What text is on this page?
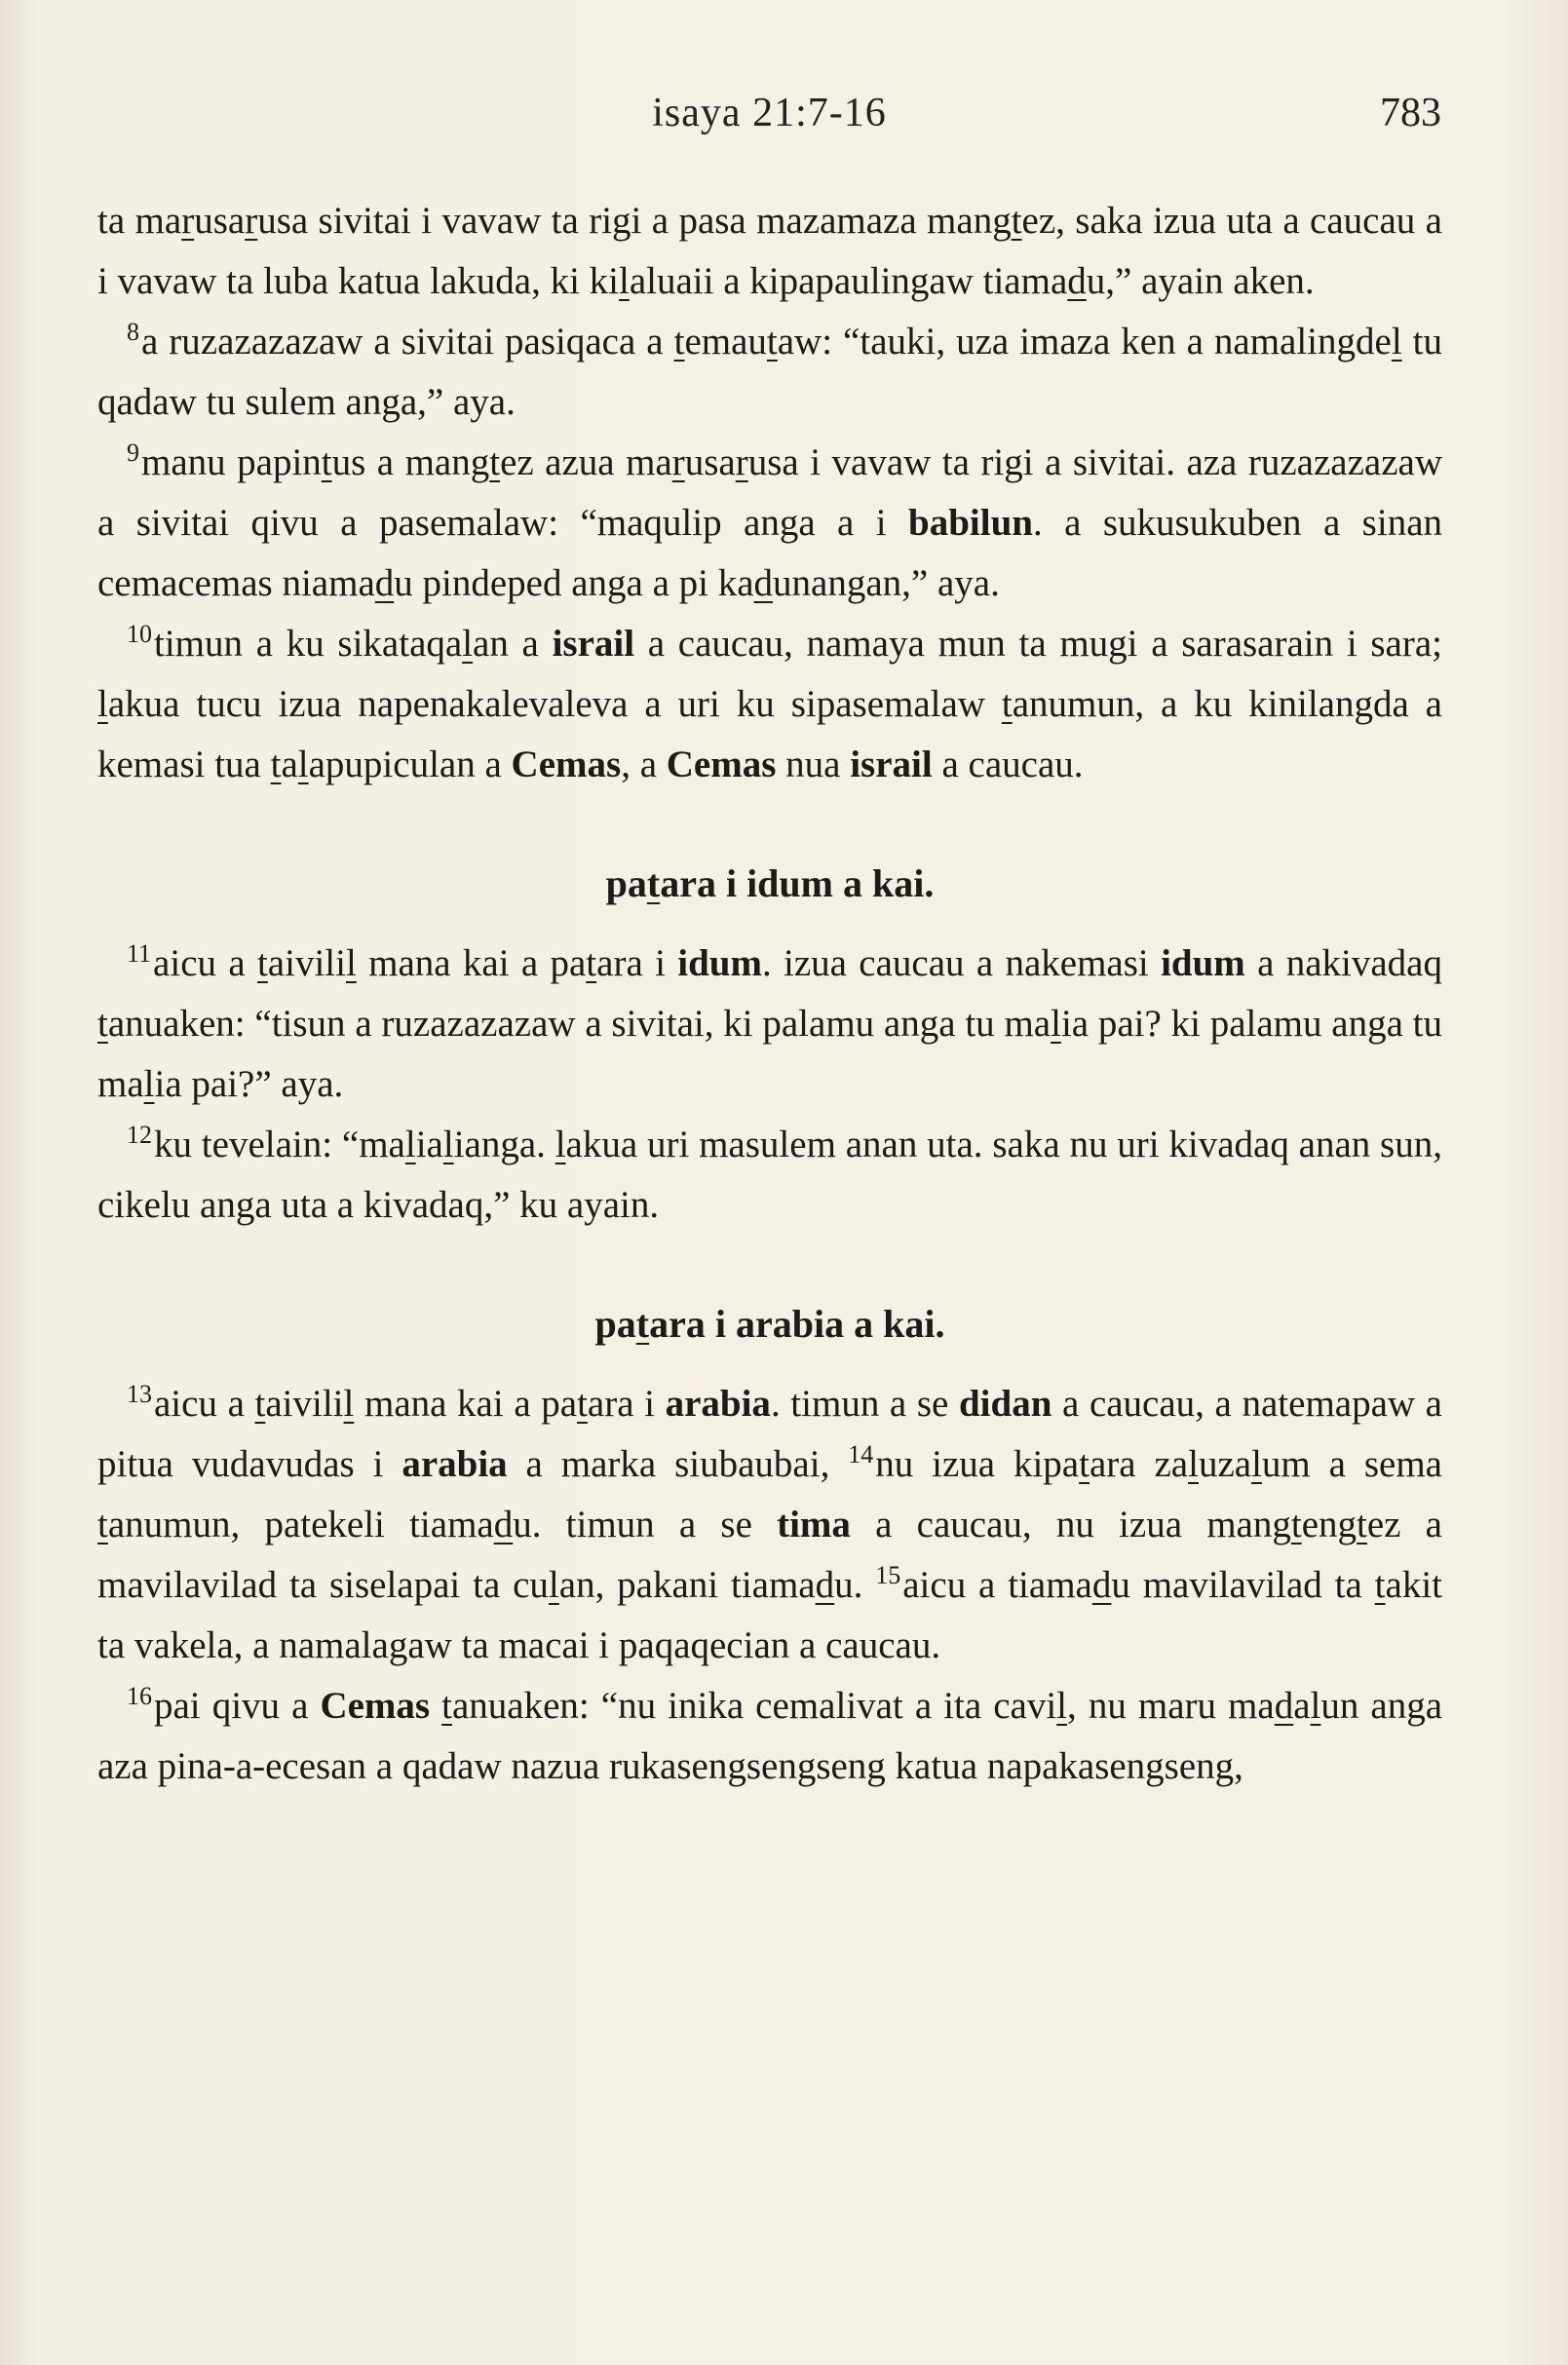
isaya 21:7-16	783

ta marusarusa sivitai i vavaw ta rigi a pasa mazamaza mangtez, saka izua uta a caucau a i vavaw ta luba katua lakuda, ki kilaluaii a kipapaulingaw tiamadu,” ayain aken.

$^8$a ruzazazazaw a sivitai pasiqaca a temautaw: “tauki, uza imaza ken a namalingdel tu qadaw tu sulem anga,” aya.

$^9$manu papintus a mangtez azua marusarusa i vavaw ta rigi a sivitai. aza ruzazazazaw a sivitai qivu a pasemalaw: “maqulip anga a i babilun. a sukusukuben a sinan cemacemas niamadu pindeped anga a pi kadunangan,” aya.

$^{10}$timun a ku sikataqalan a israil a caucau, namaya mun ta mugi a sarasarain i sara; lakua tucu izua napenakalevaleva a uri ku sipasemalaw tanumun, a ku kinilangda a kemasi tua talapupiculan a Cemas, a Cemas nua israil a caucau.

patara i idum a kai.

$^{11}$aicu a taivilil mana kai a patara i idum. izua caucau a nakemasi idum a nakivadaq tanuaken: “tisun a ruzazazazaw a sivitai, ki palamu anga tu malia pai? ki palamu anga tu malia pai?” aya.

$^{12}$ku tevelain: “malialianga. lakua uri masulem anan uta. saka nu uri kivadaq anan sun, cikelu anga uta a kivadaq,” ku ayain.

patara i arabia a kai.

$^{13}$aicu a taivilil mana kai a patara i arabia. timun a se didan a caucau, a natemapaw a pitua vudavudas i arabia a marka siubaubai, $^{14}$nu izua kipatara zaluzalum a sema tanumun, patekeli tiamadu. timun a se tima a caucau, nu izua mangtengtez a mavilavilad ta siselapai ta culan, pakani tiamadu. $^{15}$aicu a tiamadu mavilavilad ta takit ta vakela, a namalagaw ta macai i paqaqecian a caucau.

$^{16}$pai qivu a Cemas tanuaken: “nu inika cemalivat a ita cavil, nu maru madalun anga aza pina-a-ecesan a qadaw nazua rukasengsengseng katua napakasengseng,
